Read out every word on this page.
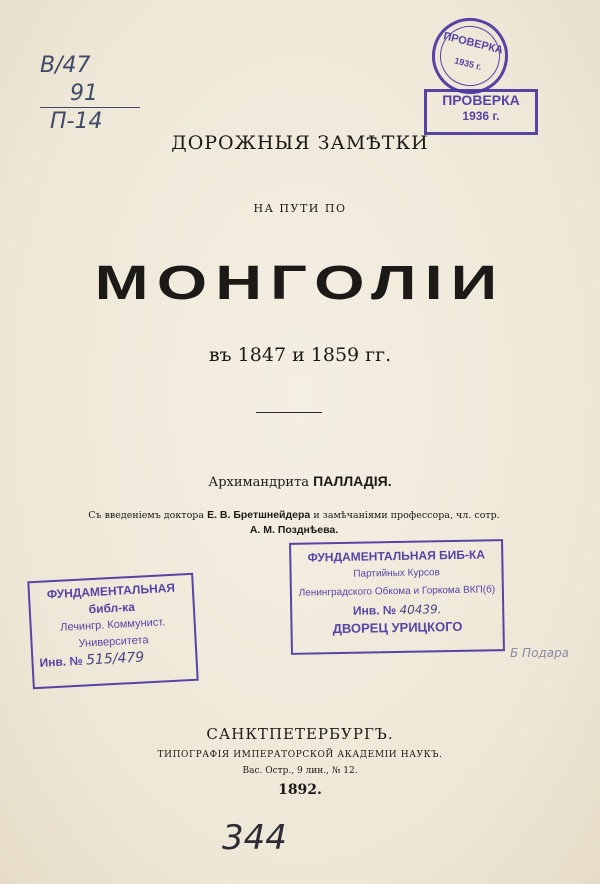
В/47
91
П-14
ПРОВЕРКА
1935 г.
ПРОВЕРКА
1936 г.
ДОРОЖНЫЯ ЗАМѢТКИ
НА ПУТИ ПО
МОНГОЛІИ
въ 1847 и 1859 гг.
Архимандрита ПАЛЛАДІЯ.
Съ введеніемъ доктора Е. В. Бретшнейдера и замѣчаніями профессора, чл. сотр.
А. М. Позднѣева.
ФУНДАМЕНТАЛЬНАЯ БИБ-КА
Партийных Курсов
Ленинградского Обкома и Горкома ВКП(б)
Инв. № 40439.
ДВОРЕЦ УРИЦКОГО
ФУНДАМЕНТАЛЬНАЯ
библ-ка
Лечингр. Коммунист.
Университета
Инв. № 515/479	Б Подара
САНКТПЕТЕРБУРГЪ.
ТИПОГРАФІЯ ИМПЕРАТОРСКОЙ АКАДЕМІИ НАУКЪ.
Вас. Остр., 9 лин., № 12.
1892.
344
